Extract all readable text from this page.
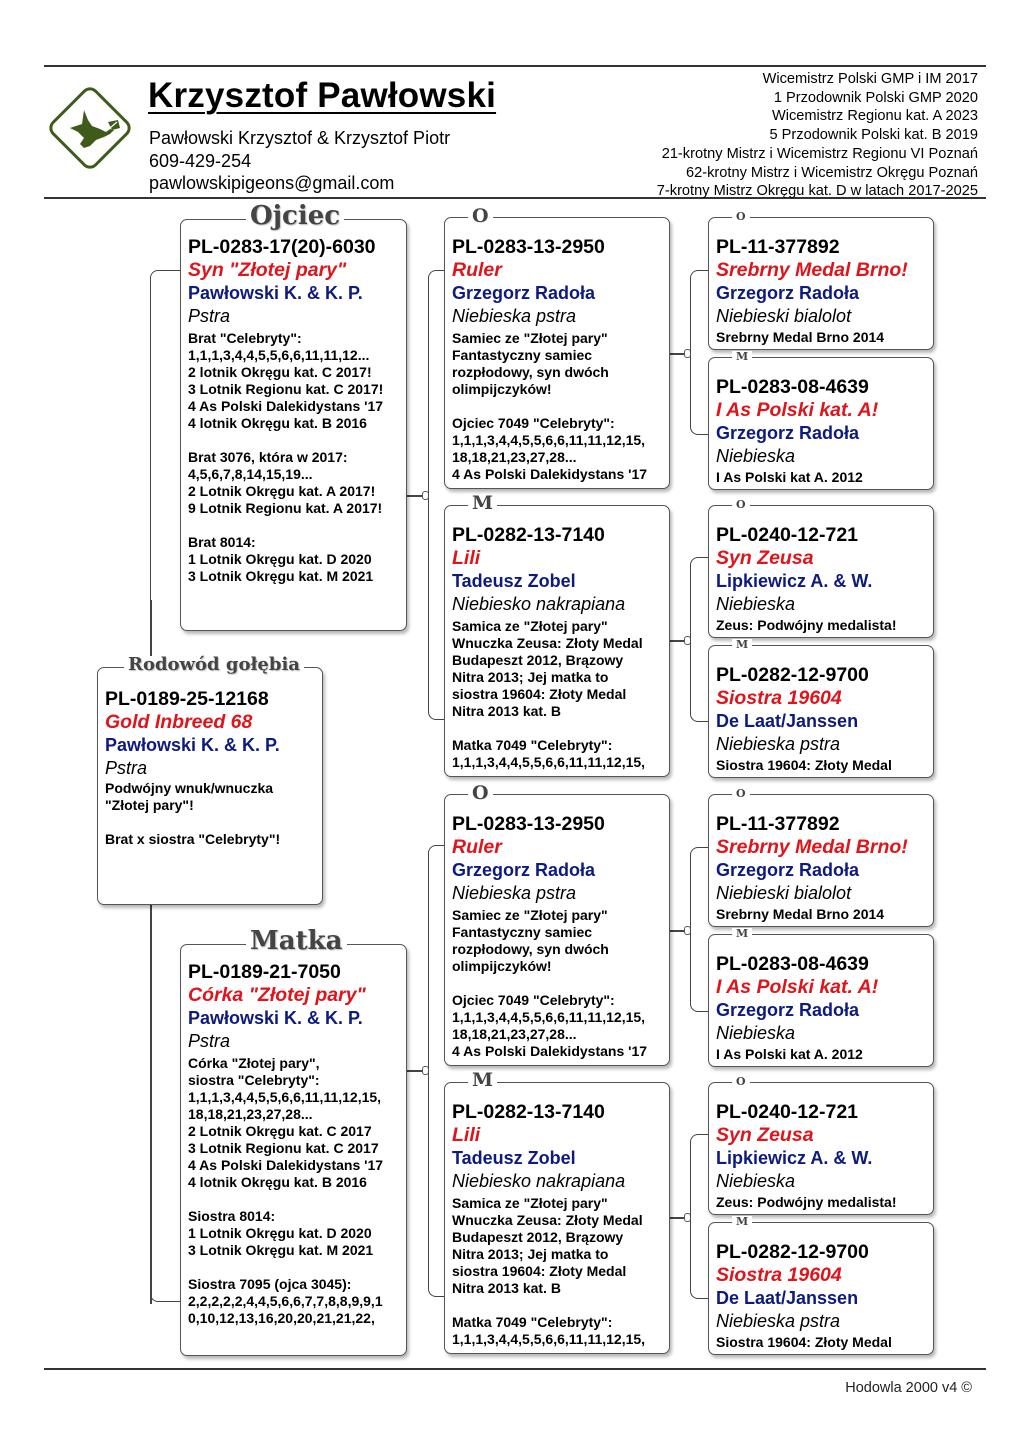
Krzysztof Pawłowski
Pawłowski Krzysztof & Krzysztof Piotr
609-429-254
pawlowskipigeons@gmail.com
Wicemistrz Polski GMP i IM 2017
1 Przodownik Polski GMP 2020
Wicemistrz Regionu kat. A 2023
5 Przodownik Polski kat. B 2019
21-krotny Mistrz i Wicemistrz Regionu VI Poznań
62-krotny Mistrz i Wicemistrz Okręgu Poznań
7-krotny Mistrz Okręgu kat. D w latach 2017-2025
PL-0189-25-12168
Gold Inbreed 68
Pawłowski K. & K. P.
Pstra
Podwójny wnuk/wnuczka
"Złotej pary"!

Brat x siostra "Celebryty"!
Rodowód gołębia
PL-0283-17(20)-6030
Syn "Złotej pary"
Pawłowski K. & K. P.
Pstra
Brat "Celebryty":
1,1,1,3,4,4,5,5,6,6,11,11,12...
2 lotnik Okręgu kat. C 2017!
3 Lotnik Regionu kat. C 2017!
4 As Polski Dalekidystans '17
4 lotnik Okręgu kat. B 2016

Brat 3076, która w 2017:
4,5,6,7,8,14,15,19...
2 Lotnik Okręgu kat. A 2017!
9 Lotnik Regionu kat. A 2017!

Brat 8014:
1 Lotnik Okręgu kat. D 2020
3 Lotnik Okręgu kat. M 2021
Ojciec
PL-0189-21-7050
Córka "Złotej pary"
Pawłowski K. & K. P.
Pstra
Córka "Złotej pary",
siostra "Celebryty":
1,1,1,3,4,4,5,5,6,6,11,11,12,15,
18,18,21,23,27,28...
2 Lotnik Okręgu kat. C 2017
3 Lotnik Regionu kat. C 2017
4 As Polski Dalekidystans '17
4 lotnik Okręgu kat. B 2016

Siostra 8014:
1 Lotnik Okręgu kat. D 2020
3 Lotnik Okręgu kat. M 2021

Siostra 7095 (ojca 3045):
2,2,2,2,2,4,4,5,6,6,7,7,8,8,9,9,1
0,10,12,13,16,20,20,21,21,22,
Matka
PL-0283-13-2950
Ruler
Grzegorz Radoła
Niebieska pstra
Samiec ze "Złotej pary"
Fantastyczny samiec
rozpłodowy, syn dwóch
olimpijczyków!

Ojciec 7049 "Celebryty":
1,1,1,3,4,4,5,5,6,6,11,11,12,15,
18,18,21,23,27,28...
4 As Polski Dalekidystans '17
O
PL-0282-13-7140
Lili
Tadeusz Zobel
Niebiesko nakrapiana
Samica ze "Złotej pary"
Wnuczka Zeusa: Złoty Medal
Budapeszt 2012, Brązowy
Nitra 2013; Jej matka to
siostra 19604: Złoty Medal
Nitra 2013 kat. B

Matka 7049 "Celebryty":
1,1,1,3,4,4,5,5,6,6,11,11,12,15,
M
PL-0283-13-2950
Ruler
Grzegorz Radoła
Niebieska pstra
Samiec ze "Złotej pary"
Fantastyczny samiec
rozpłodowy, syn dwóch
olimpijczyków!

Ojciec 7049 "Celebryty":
1,1,1,3,4,4,5,5,6,6,11,11,12,15,
18,18,21,23,27,28...
4 As Polski Dalekidystans '17
O
PL-0282-13-7140
Lili
Tadeusz Zobel
Niebiesko nakrapiana
Samica ze "Złotej pary"
Wnuczka Zeusa: Złoty Medal
Budapeszt 2012, Brązowy
Nitra 2013; Jej matka to
siostra 19604: Złoty Medal
Nitra 2013 kat. B

Matka 7049 "Celebryty":
1,1,1,3,4,4,5,5,6,6,11,11,12,15,
M
PL-11-377892
Srebrny Medal Brno!
Grzegorz Radoła
Niebieski bialolot
Srebrny Medal Brno 2014
O
PL-0283-08-4639
I As Polski kat. A!
Grzegorz Radoła
Niebieska
I As Polski kat A. 2012
M
PL-0240-12-721
Syn Zeusa
Lipkiewicz A. & W.
Niebieska
Zeus: Podwójny medalista!
O
PL-0282-12-9700
Siostra 19604
De Laat/Janssen
Niebieska pstra
Siostra 19604: Złoty Medal
M
PL-11-377892
Srebrny Medal Brno!
Grzegorz Radoła
Niebieski bialolot
Srebrny Medal Brno 2014
O
PL-0283-08-4639
I As Polski kat. A!
Grzegorz Radoła
Niebieska
I As Polski kat A. 2012
M
PL-0240-12-721
Syn Zeusa
Lipkiewicz A. & W.
Niebieska
Zeus: Podwójny medalista!
O
PL-0282-12-9700
Siostra 19604
De Laat/Janssen
Niebieska pstra
Siostra 19604: Złoty Medal
M
Hodowla 2000 v4 ©
